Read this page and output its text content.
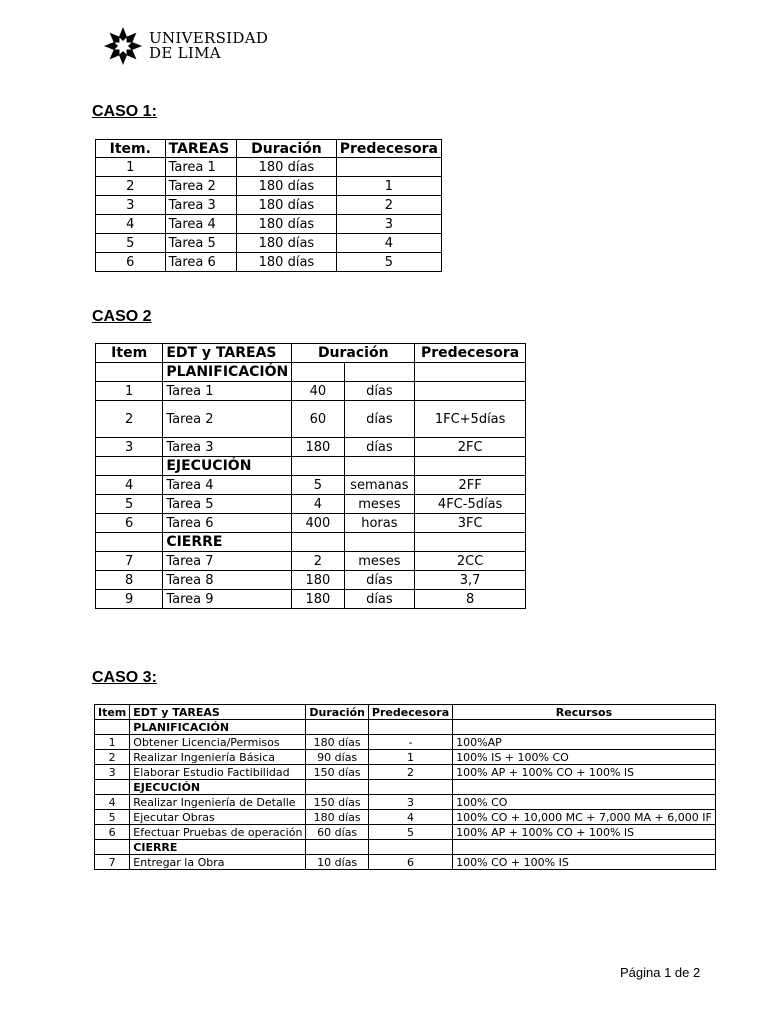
UNIVERSIDAD
DE LIMA
CASO 1:
Item.	TAREAS	Duración	Predecesora
1	Tarea 1	180 días	
2	Tarea 2	180 días	1
3	Tarea 3	180 días	2
4	Tarea 4	180 días	3
5	Tarea 5	180 días	4
6	Tarea 6	180 días	5
CASO 2
Item	EDT y TAREAS	Duración		Predecesora
	PLANIFICACIÓN			
1	Tarea 1	40	días	
2	Tarea 2	60	días	1FC+5días
3	Tarea 3	180	días	2FC
	EJECUCIÓN			
4	Tarea 4	5	semanas	2FF
5	Tarea 5	4	meses	4FC-5días
6	Tarea 6	400	horas	3FC
	CIERRE			
7	Tarea 7	2	meses	2CC
8	Tarea 8	180	días	3,7
9	Tarea 9	180	días	8
CASO 3:
Item	EDT y TAREAS	Duración	Predecesora	Recursos
	PLANIFICACIÓN			
1	Obtener Licencia/Permisos	180 días	-	100%AP
2	Realizar Ingeniería Básica	90 días	1	100% IS + 100% CO
3	Elaborar Estudio Factibilidad	150 días	2	100% AP + 100% CO + 100% IS
	EJECUCIÓN			
4	Realizar Ingeniería de Detalle	150 días	3	100% CO
5	Ejecutar Obras	180 días	4	100% CO + 10,000 MC + 7,000 MA + 6,000 IF
6	Efectuar Pruebas de operación	60 días	5	100% AP + 100% CO + 100% IS
	CIERRE			
7	Entregar la Obra	10 días	6	100% CO + 100% IS
Página 1 de 2
